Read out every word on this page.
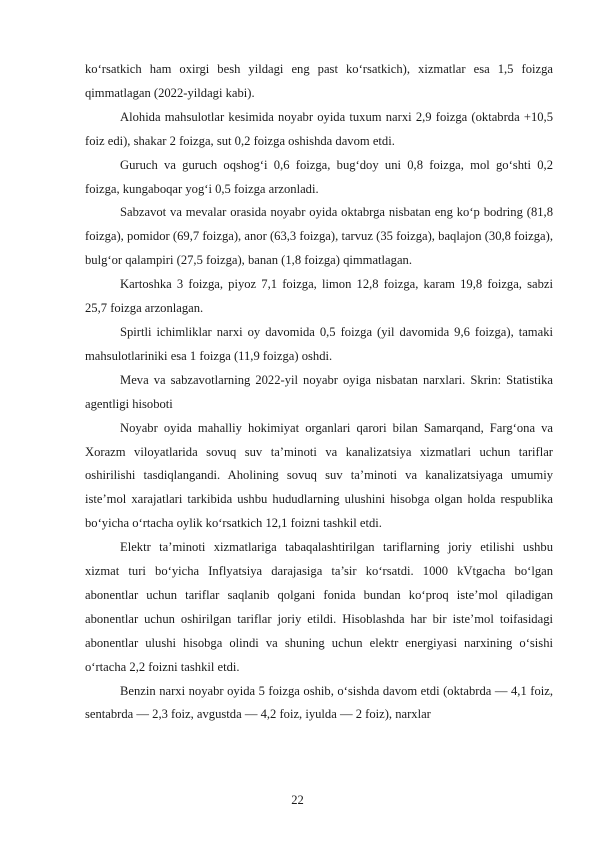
ko‘rsatkich ham oxirgi besh yildagi eng past ko‘rsatkich), xizmatlar esa 1,5 foizga qimmatlagan (2022-yildagi kabi).

Alohida mahsulotlar kesimida noyabr oyida tuxum narxi 2,9 foizga (oktabrda +10,5 foiz edi), shakar 2 foizga, sut 0,2 foizga oshishda davom etdi.

Guruch va guruch oqshog‘i 0,6 foizga, bug‘doy uni 0,8 foizga, mol go‘shti 0,2 foizga, kungaboqar yog‘i 0,5 foizga arzonladi.

Sabzavot va mevalar orasida noyabr oyida oktabrga nisbatan eng ko‘p bodring (81,8 foizga), pomidor (69,7 foizga), anor (63,3 foizga), tarvuz (35 foizga), baqlajon (30,8 foizga), bulg‘or qalampiri (27,5 foizga), banan (1,8 foizga) qimmatlagan.

Kartoshka 3 foizga, piyoz 7,1 foizga, limon 12,8 foizga, karam 19,8 foizga, sabzi 25,7 foizga arzonlagan.

Spirtli ichimliklar narxi oy davomida 0,5 foizga (yil davomida 9,6 foizga), tamaki mahsulotlariniki esa 1 foizga (11,9 foizga) oshdi.

Meva va sabzavotlarning 2022-yil noyabr oyiga nisbatan narxlari. Skrin: Statistika agentligi hisoboti

Noyabr oyida mahalliy hokimiyat organlari qarori bilan Samarqand, Farg‘ona va Xorazm viloyatlarida sovuq suv ta’minoti va kanalizatsiya xizmatlari uchun tariflar oshirilishi tasdiqlangandi. Aholining sovuq suv ta’minoti va kanalizatsiyaga umumiy iste’mol xarajatlari tarkibida ushbu hududlarning ulushini hisobga olgan holda respublika bo‘yicha o‘rtacha oylik ko‘rsatkich 12,1 foizni tashkil etdi.

Elektr ta’minoti xizmatlariga tabaqalashtirilgan tariflarning joriy etilishi ushbu xizmat turi bo‘yicha Inflyatsiya darajasiga ta’sir ko‘rsatdi. 1000 kVtgacha bo‘lgan abonentlar uchun tariflar saqlanib qolgani fonida bundan ko‘proq iste’mol qiladigan abonentlar uchun oshirilgan tariflar joriy etildi. Hisoblashda har bir iste’mol toifasidagi abonentlar ulushi hisobga olindi va shuning uchun elektr energiyasi narxining o‘sishi o‘rtacha 2,2 foizni tashkil etdi.

Benzin narxi noyabr oyida 5 foizga oshib, o‘sishda davom etdi (oktabrda — 4,1 foiz, sentabrda — 2,3 foiz, avgustda — 4,2 foiz, iyulda — 2 foiz), narxlar

22
